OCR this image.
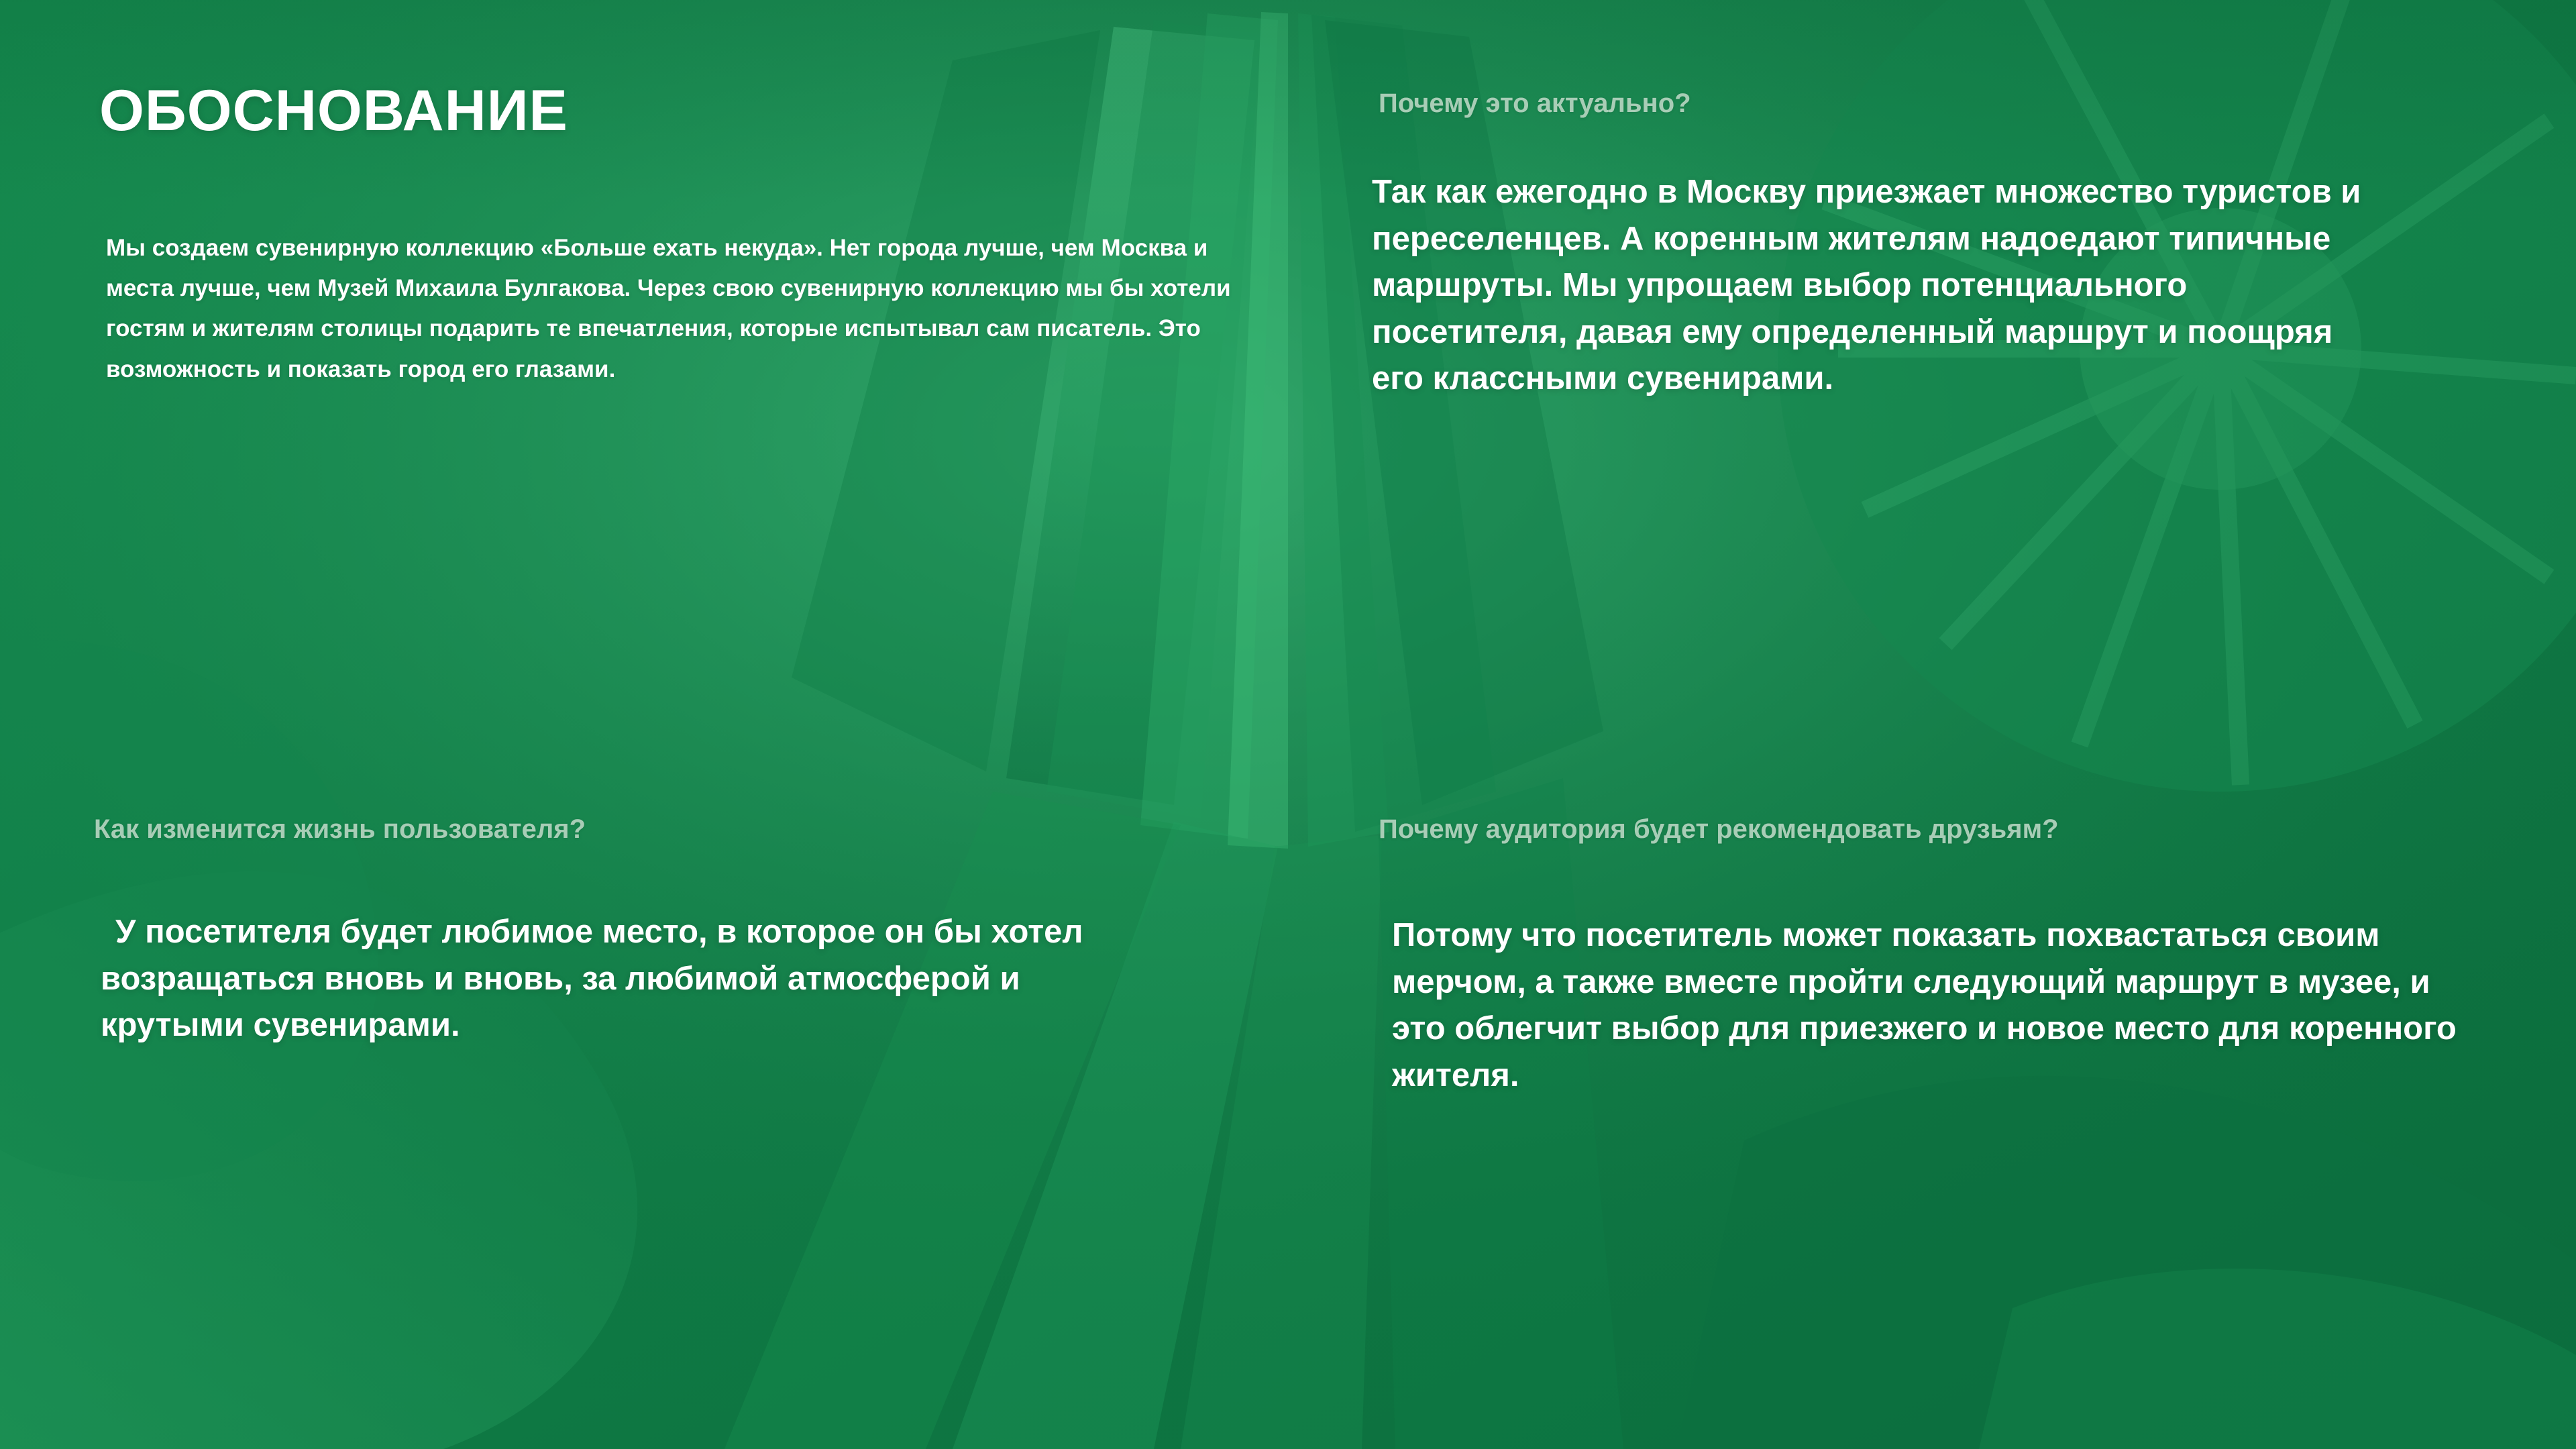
ОБОСНОВАНИЕ
Мы создаем сувенирную коллекцию «Больше ехать некуда». Нет города лучше, чем Москва и места лучше, чем Музей Михаила Булгакова. Через свою сувенирную коллекцию мы бы хотели гостям и жителям столицы подарить те впечатления, которые испытывал сам писатель. Это возможность и показать город его глазами.
Почему это актуально?
Так как ежегодно в Москву приезжает множество туристов и переселенцев. А коренным жителям надоедают типичные маршруты. Мы упрощаем выбор потенциального посетителя, давая ему определенный маршрут и поощряя его классными сувенирами.
Как изменится жизнь пользователя?
У посетителя будет любимое место, в которое он бы хотел возращаться вновь и вновь, за любимой атмосферой и крутыми сувенирами.
Почему аудитория будет рекомендовать друзьям?
Потому что посетитель может показать похвастаться своим мерчом, а также вместе пройти следующий маршрут в музее, и это облегчит выбор для приезжего и новое место для коренного жителя.
